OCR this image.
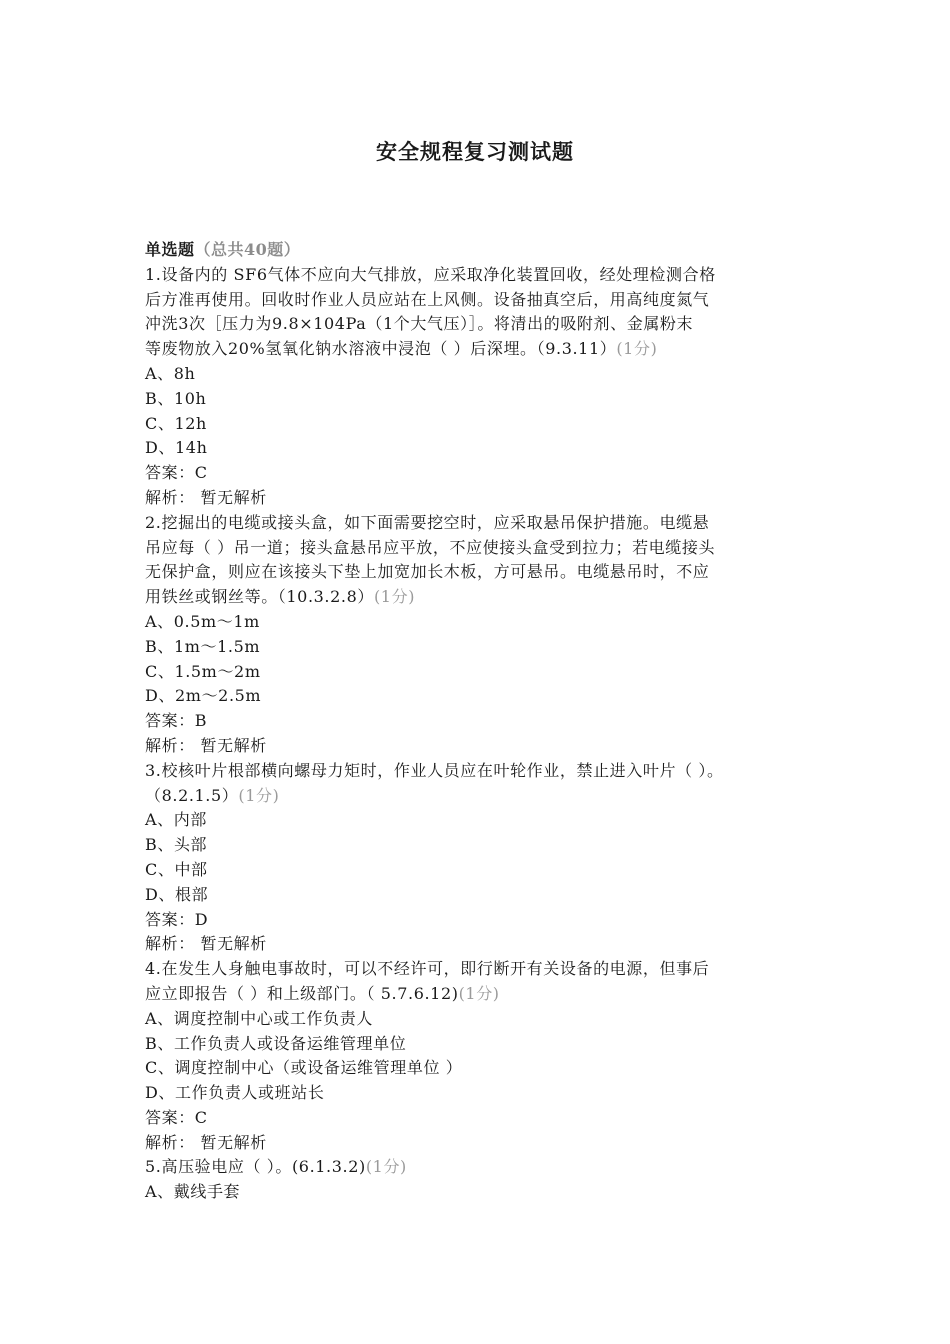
安全规程复习测试题
单选题（总共40题）
1.设备内的 SF6气体不应向大气排放，应采取净化装置回收，经处理检测合格
后方准再使用。回收时作业人员应站在上风侧。设备抽真空后，用高纯度氮气
冲洗3次［压力为9.8×104Pa（1个大气压）］。将清出的吸附剂、金属粉末
等废物放入20%氢氧化钠水溶液中浸泡（ ）后深埋。（9.3.11）(1分)
A、8h
B、10h
C、12h
D、14h
答案：C
解析： 暂无解析
2.挖掘出的电缆或接头盒，如下面需要挖空时，应采取悬吊保护措施。电缆悬
吊应每（ ）吊一道；接头盒悬吊应平放，不应使接头盒受到拉力；若电缆接头
无保护盒，则应在该接头下垫上加宽加长木板，方可悬吊。电缆悬吊时，不应
用铁丝或钢丝等。（10.3.2.8）(1分)
A、0.5m～1m
B、1m～1.5m
C、1.5m～2m
D、2m～2.5m
答案：B
解析： 暂无解析
3.校核叶片根部横向螺母力矩时，作业人员应在叶轮作业，禁止进入叶片（ ）。
（8.2.1.5）(1分)
A、内部
B、头部
C、中部
D、根部
答案：D
解析： 暂无解析
4.在发生人身触电事故时，可以不经许可，即行断开有关设备的电源，但事后
应立即报告（ ）和上级部门。（ 5.7.6.12)(1分)
A、调度控制中心或工作负责人
B、工作负责人或设备运维管理单位
C、调度控制中心（或设备运维管理单位 ）
D、工作负责人或班站长
答案：C
解析： 暂无解析
5.高压验电应（ ）。(6.1.3.2)(1分)
A、戴线手套
